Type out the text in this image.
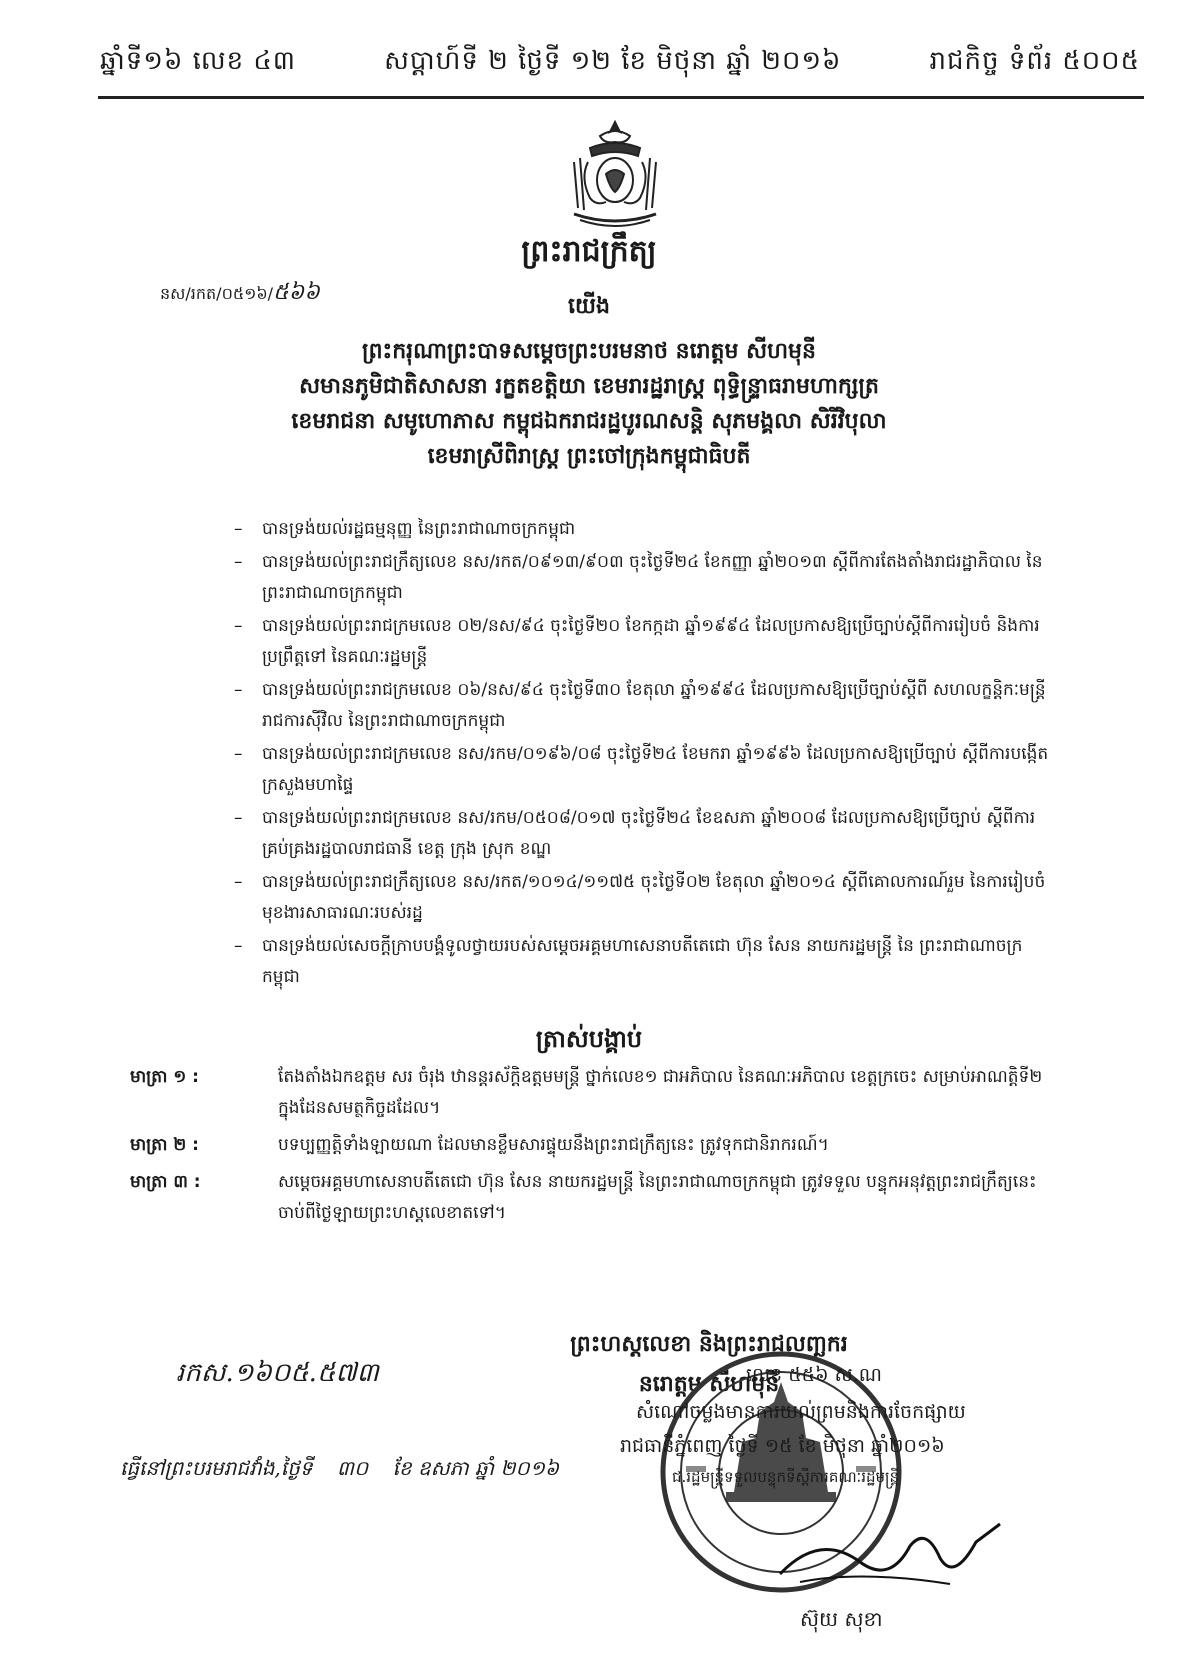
ឆ្នាំទី១៦ លេខ ៤៣	សប្តាហ៍ទី ២ ថ្ងៃទី ១២ ខែ មិថុនា ឆ្នាំ ២០១៦	រាជកិច្ច ទំព័រ ៥០០៥
ព្រះរាជក្រឹត្យ
នស/រកត/០៥១៦/៥៦៦
យើង
ព្រះករុណាព្រះបាទសម្តេចព្រះបរមនាថ នរោត្តម សីហមុនី
សមានភូមិជាតិសាសនា រក្ខតខត្តិយា ខេមរារដ្ឋរាស្ត្រ ពុទ្ធិន្ទ្រាធរាមហាក្សត្រ
ខេមរាជនា សមូហោភាស កម្ពុជឯករាជរដ្ឋបូរណសន្តិ សុភមង្គលា សិរីវិបុលា
ខេមរាស្រីពិរាស្ត្រ ព្រះចៅក្រុងកម្ពុជាធិបតី
– បានទ្រង់យល់រដ្ឋធម្មនុញ្ញ នៃព្រះរាជាណាចក្រកម្ពុជា
– បានទ្រង់យល់ព្រះរាជក្រឹត្យលេខ នស/រកត/០៩១៣/៩០៣ ចុះថ្ងៃទី២៤ ខែកញ្ញា ឆ្នាំ២០១៣ ស្តីពីការតែងតាំងរាជរដ្ឋាភិបាល នៃព្រះរាជាណាចក្រកម្ពុជា
– បានទ្រង់យល់ព្រះរាជក្រមលេខ ០២/នស/៩៤ ចុះថ្ងៃទី២០ ខែកក្កដា ឆ្នាំ១៩៩៤ ដែលប្រកាសឱ្យប្រើច្បាប់ស្តីពីការរៀបចំ និងការប្រព្រឹត្តទៅ នៃគណៈរដ្ឋមន្ត្រី
– បានទ្រង់យល់ព្រះរាជក្រមលេខ ០៦/នស/៩៤ ចុះថ្ងៃទី៣០ ខែតុលា ឆ្នាំ១៩៩៤ ដែលប្រកាសឱ្យប្រើច្បាប់ស្តីពី សហលក្ខន្តិកៈមន្ត្រីរាជការស៊ីវិល នៃព្រះរាជាណាចក្រកម្ពុជា
– បានទ្រង់យល់ព្រះរាជក្រមលេខ នស/រកម/០១៩៦/០៨ ចុះថ្ងៃទី២៤ ខែមករា ឆ្នាំ១៩៩៦ ដែលប្រកាសឱ្យប្រើច្បាប់ ស្តីពីការបង្កើតក្រសួងមហាផ្ទៃ
– បានទ្រង់យល់ព្រះរាជក្រមលេខ នស/រកម/០៥០៨/០១៧ ចុះថ្ងៃទី២៤ ខែឧសភា ឆ្នាំ២០០៨ ដែលប្រកាសឱ្យប្រើច្បាប់ ស្តីពីការគ្រប់គ្រងរដ្ឋបាលរាជធានី ខេត្ត ក្រុង ស្រុក ខណ្ឌ
– បានទ្រង់យល់ព្រះរាជក្រឹត្យលេខ នស/រកត/១០១៤/១១៧៥ ចុះថ្ងៃទី០២ ខែតុលា ឆ្នាំ២០១៤ ស្តីពីគោលការណ៍រួម នៃការរៀបចំមុខងារសាធារណៈរបស់រដ្ឋ
– បានទ្រង់យល់សេចក្តីក្រាបបង្គំទូលថ្វាយរបស់សម្តេចអគ្គមហាសេនាបតីតេជោ ហ៊ុន សែន នាយករដ្ឋមន្ត្រី នៃ ព្រះរាជាណាចក្រកម្ពុជា
ត្រាស់បង្គាប់
មាត្រា ១ :	តែងតាំងឯកឧត្តម សរ ចំរុង ឋានន្តរស័ក្តិឧត្តមមន្ត្រី ថ្នាក់លេខ១ ជាអភិបាល នៃគណៈអភិបាល ខេត្តក្រចេះ សម្រាប់អាណត្តិទី២ ក្នុងដែនសមត្ថកិច្ចដដែល។
មាត្រា ២ :	បទប្បញ្ញត្តិទាំងឡាយណា ដែលមានខ្លឹមសារផ្ទុយនឹងព្រះរាជក្រឹត្យនេះ ត្រូវទុកជានិរាករណ៍។
មាត្រា ៣ :	សម្តេចអគ្គមហាសេនាបតីតេជោ ហ៊ុន សែន នាយករដ្ឋមន្ត្រី នៃព្រះរាជាណាចក្រកម្ពុជា ត្រូវទទួល បន្ទុកអនុវត្តព្រះរាជក្រឹត្យនេះ ចាប់ពីថ្ងៃឡាយព្រះហស្តលេខាតទៅ។
ព្រះហស្តលេខា និងព្រះរាជលញ្ឆករ
នរោត្តម សីហមុនី
រកស.១៦០៥.៥៧៣
ធ្វើនៅព្រះបរមរាជវាំង,ថ្ងៃទី ៣០ ខែ ឧសភា ឆ្នាំ ២០១៦
លេខ ៥៥៦ ស.ណ
សំណៅចម្លងមានការយល់ព្រមនិងការចែកផ្សាយ
រាជធានីភ្នំពេញ ថ្ងៃទី ១៥ ខែ មិថុនា ឆ្នាំ២០១៦
ជ.រដ្ឋមន្ត្រីទទួលបន្ទុកទីស្តីការគណៈរដ្ឋមន្ត្រី
ស៊ុយ សុខា
